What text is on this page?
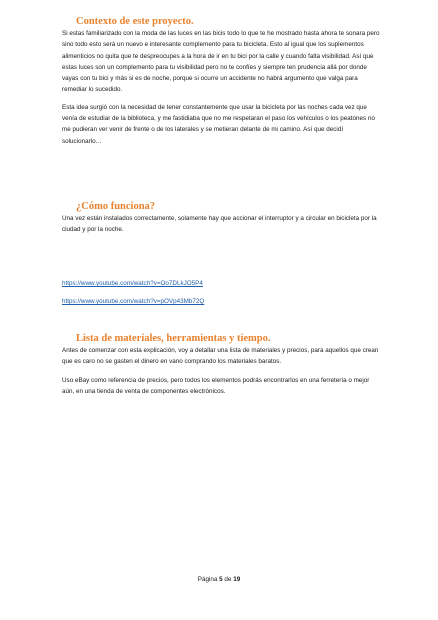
Contexto de este proyecto.

Si estas familiarizado con la moda de las luces en las bicis todo lo que te he mostrado hasta ahora te sonara pero sino todo esto será un nuevo e interesante complemento para tu bicicleta. Esto al igual que los suplementos alimenticios no quita que te despreocupes a la hora de ir en tu bici por la calle y cuando falta visibilidad. Así que estas luces son un complemento para tu visibilidad pero no te confíes y siempre ten prudencia allá por donde vayas con tu bici y más si es de noche, porque si ocurre un accidente no habrá argumento que valga para remediar lo sucedido.

Esta idea surgió con la necesidad de tener constantemente que usar la bicicleta por las noches cada vez que venía de estudiar de la biblioteca, y me fastidiaba que no me respetaran el paso los vehículos o los peatones no me pudieran ver venir de frente o de los laterales y se metieran delante de mi camino. Así que decidí solucionarlo…

¿Cómo funciona?

Una vez están instalados correctamente, solamente hay que accionar el interruptor y a circular en bicicleta por la ciudad y por la noche.

https://www.youtube.com/watch?v=Oo7DLkJO5P4
https://www.youtube.com/watch?v=pOVp43Mb72Q
Lista de materiales, herramientas y tiempo.

Antes de comenzar con esta explicación, voy a detallar una lista de materiales y precios, para aquellos que crean que es caro no se gasten el dinero en vano comprando los materiales baratos.

Uso eBay como referencia de precios, pero todos los elementos podrás encontrarlos en una ferretería o mejor aún, en una tienda de venta de componentes electrónicos.

Página 5 de 19
